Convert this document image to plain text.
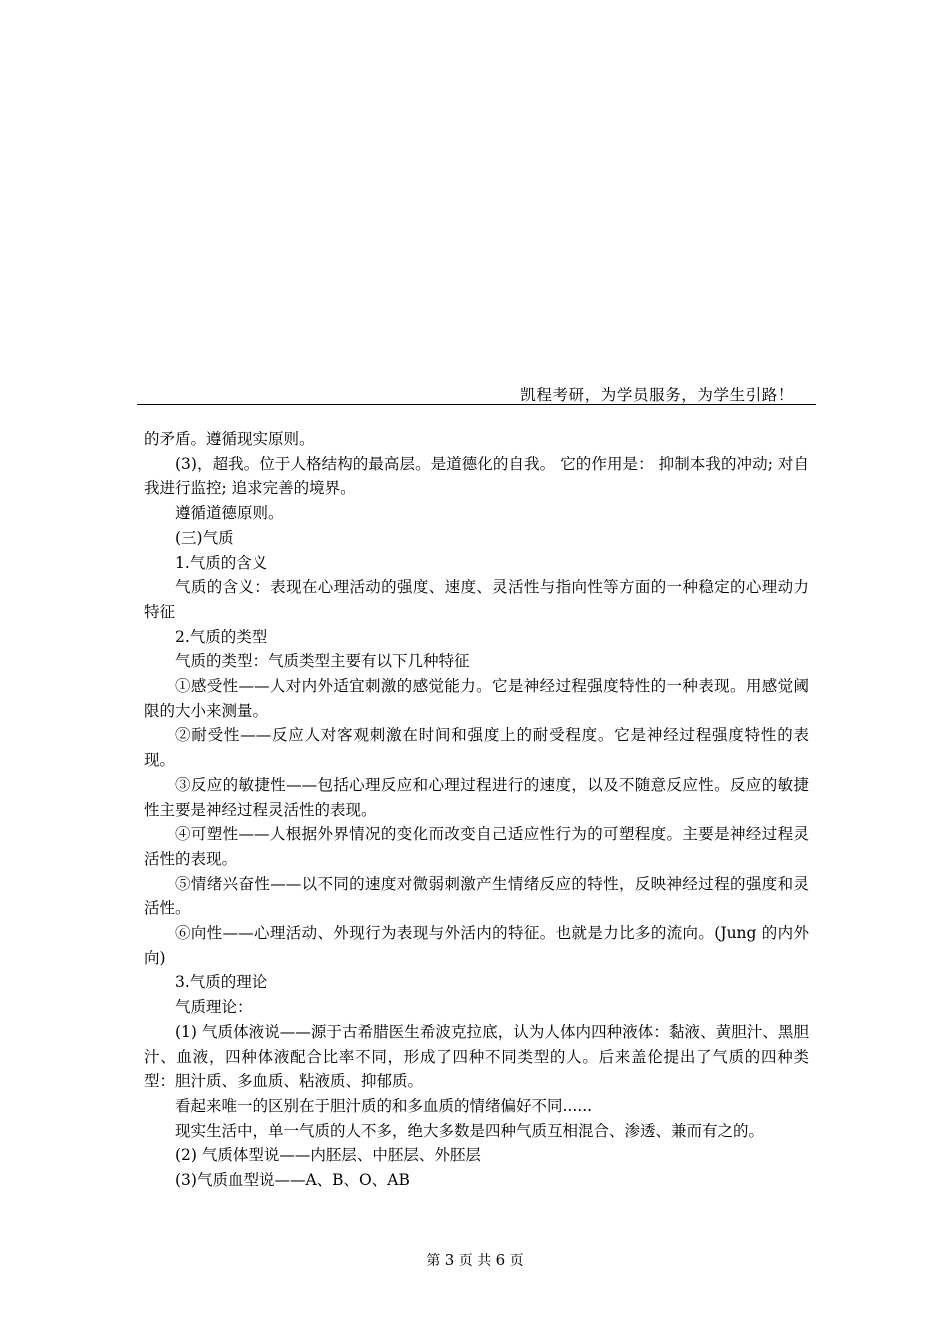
凯程考研，为学员服务，为学生引路！

的矛盾。遵循现实原则。

(3)，超我。位于人格结构的最高层。是道德化的自我。 它的作用是： 抑制本我的冲动; 对自我进行监控; 追求完善的境界。

遵循道德原则。

(三)气质

1.气质的含义

气质的含义：表现在心理活动的强度、速度、灵活性与指向性等方面的一种稳定的心理动力特征

2.气质的类型

气质的类型：气质类型主要有以下几种特征

①感受性——人对内外适宜刺激的感觉能力。它是神经过程强度特性的一种表现。用感觉阈限的大小来测量。

②耐受性——反应人对客观刺激在时间和强度上的耐受程度。它是神经过程强度特性的表现。

③反应的敏捷性——包括心理反应和心理过程进行的速度，以及不随意反应性。反应的敏捷性主要是神经过程灵活性的表现。

④可塑性——人根据外界情况的变化而改变自己适应性行为的可塑程度。主要是神经过程灵活性的表现。

⑤情绪兴奋性——以不同的速度对微弱刺激产生情绪反应的特性，反映神经过程的强度和灵活性。

⑥向性——心理活动、外现行为表现与外活内的特征。也就是力比多的流向。(Jung 的内外向)

3.气质的理论

气质理论：

(1) 气质体液说——源于古希腊医生希波克拉底，认为人体内四种液体：黏液、黄胆汁、黑胆汁、血液，四种体液配合比率不同，形成了四种不同类型的人。后来盖伦提出了气质的四种类型：胆汁质、多血质、粘液质、抑郁质。

看起来唯一的区别在于胆汁质的和多血质的情绪偏好不同......

现实生活中，单一气质的人不多，绝大多数是四种气质互相混合、渗透、兼而有之的。

(2) 气质体型说——内胚层、中胚层、外胚层

(3)气质血型说——A、B、O、AB

第 3 页 共 6 页
